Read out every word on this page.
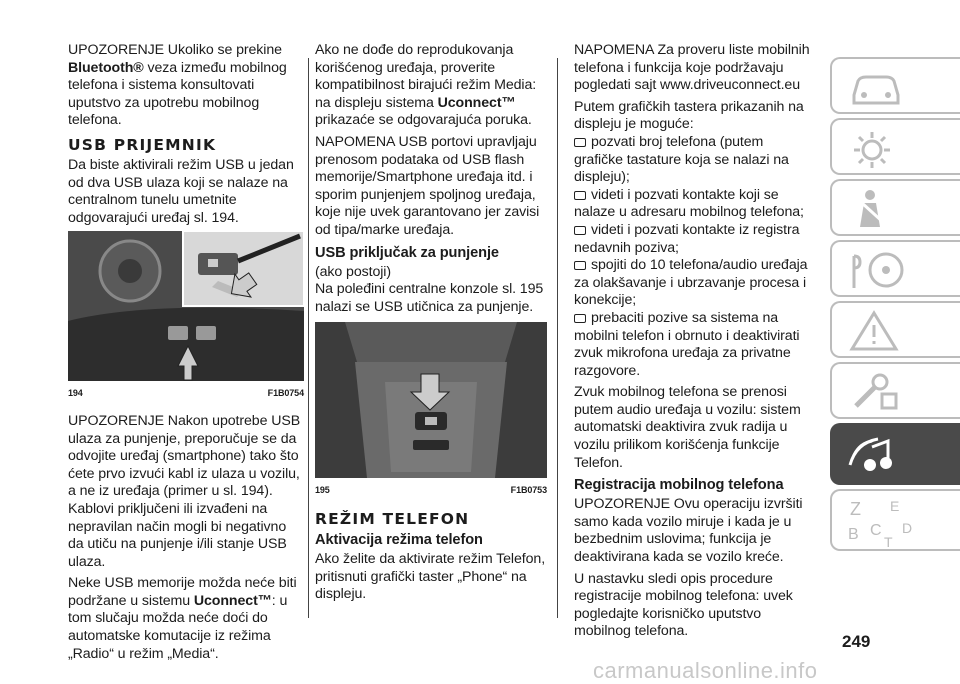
UPOZORENJE Ukoliko se prekine Bluetooth® veza između mobilnog telefona i sistema konsultovati uputstvo za upotrebu mobilnog telefona.

USB PRIJEMNIK

Da biste aktivirali režim USB u jedan od dva USB ulaza koji se nalaze na centralnom tunelu umetnite odgovarajući uređaj sl. 194.

194	F1B0754

UPOZORENJE Nakon upotrebe USB ulaza za punjenje, preporučuje se da odvojite uređaj (smartphone) tako što ćete prvo izvući kabl iz ulaza u vozilu, a ne iz uređaja (primer u sl. 194). Kablovi priključeni ili izvađeni na nepravilan način mogli bi negativno da utiču na punjenje i/ili stanje USB ulaza.

Neke USB memorije možda neće biti podržane u sistemu Uconnect™: u tom slučaju možda neće doći do automatske komutacije iz režima „Radio“ u režim „Media“.

Ako ne dođe do reprodukovanja korišćenog uređaja, proverite kompatibilnost birajući režim Media: na displeju sistema Uconnect™ prikazaće se odgovarajuća poruka.

NAPOMENA USB portovi upravljaju prenosom podataka od USB flash memorije/Smartphone uređaja itd. i sporim punjenjem spoljnog uređaja, koje nije uvek garantovano jer zavisi od tipa/marke uređaja.

USB priključak za punjenje

(ako postoji)

Na poleđini centralne konzole sl. 195 nalazi se USB utičnica za punjenje.

195	F1B0753
REŽIM TELEFON
Aktivacija režima telefon

Ako želite da aktivirate režim Telefon, pritisnuti grafički taster „Phone“ na displeju.

NAPOMENA Za proveru liste mobilnih telefona i funkcija koje podržavaju pogledati sajt www.driveuconnect.eu

Putem grafičkih tastera prikazanih na displeju je moguće:

pozvati broj telefona (putem grafičke tastature koja se nalazi na displeju);
videti i pozvati kontakte koji se nalaze u adresaru mobilnog telefona;
videti i pozvati kontakte iz registra nedavnih poziva;
spojiti do 10 telefona/audio uređaja za olakšavanje i ubrzavanje procesa i konekcije;
prebaciti pozive sa sistema na mobilni telefon i obrnuto i deaktivirati zvuk mikrofona uređaja za privatne razgovore.

Zvuk mobilnog telefona se prenosi putem audio uređaja u vozilu: sistem automatski deaktivira zvuk radija u vozilu prilikom korišćenja funkcije Telefon.

Registracija mobilnog telefona

UPOZORENJE Ovu operaciju izvršiti samo kada vozilo miruje i kada je u bezbednim uslovima; funkcija je deaktivirana kada se vozilo kreće.

U nastavku sledi opis procedure registracije mobilnog telefona: uvek pogledajte korisničko uputstvo mobilnog telefona.

Z E
B	D
C
T
249
carmanualsonline.info
